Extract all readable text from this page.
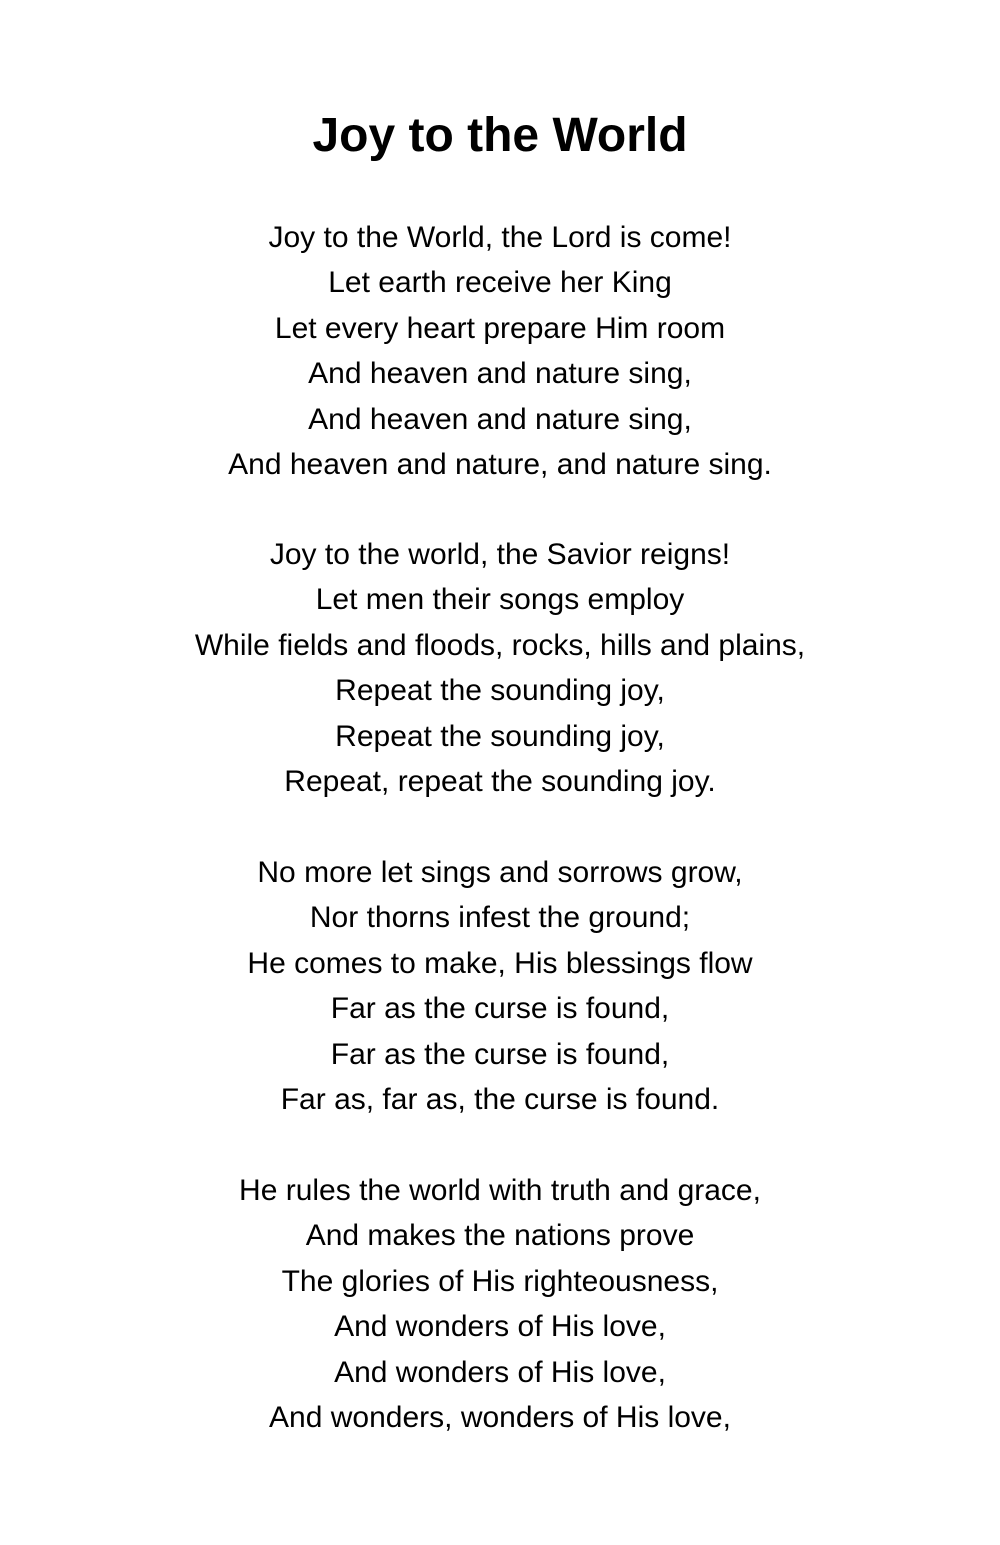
Joy to the World
Joy to the World, the Lord is come!
Let earth receive her King
Let every heart prepare Him room
And heaven and nature sing,
And heaven and nature sing,
And heaven and nature, and nature sing.
Joy to the world, the Savior reigns!
Let men their songs employ
While fields and floods, rocks, hills and plains,
Repeat the sounding joy,
Repeat the sounding joy,
Repeat, repeat the sounding joy.
No more let sings and sorrows grow,
Nor thorns infest the ground;
He comes to make, His blessings flow
Far as the curse is found,
Far as the curse is found,
Far as, far as, the curse is found.
He rules the world with truth and grace,
And makes the nations prove
The glories of His righteousness,
And wonders of His love,
And wonders of His love,
And wonders, wonders of His love,
